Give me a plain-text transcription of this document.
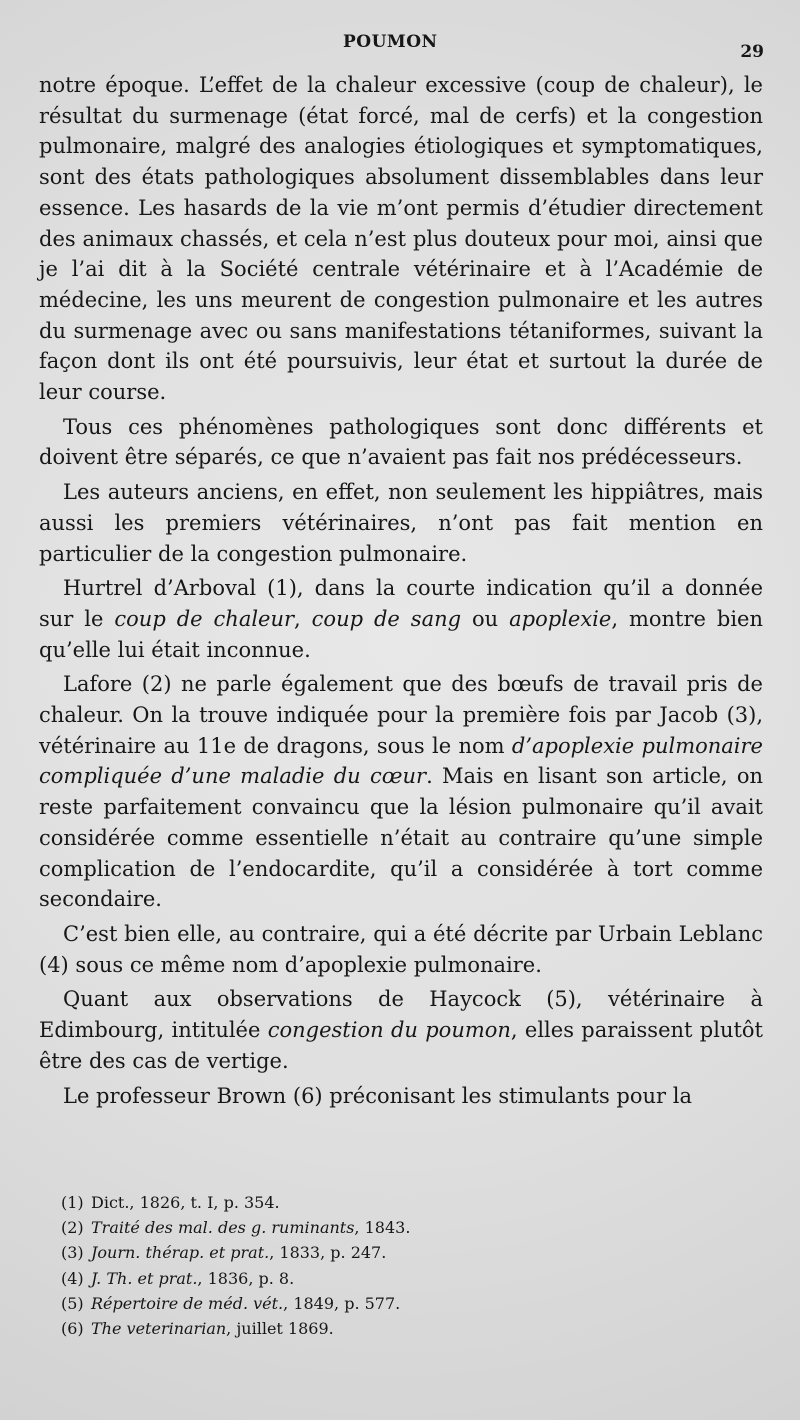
POUMON	29

notre époque. L’effet de la chaleur excessive (coup de chaleur), le résultat du surmenage (état forcé, mal de cerfs) et la congestion pulmonaire, malgré des analogies étiologiques et symptomatiques, sont des états pathologiques absolument dissemblables dans leur essence. Les hasards de la vie m’ont permis d’étudier directement des animaux chassés, et cela n’est plus douteux pour moi, ainsi que je l’ai dit à la Société centrale vétérinaire et à l’Académie de médecine, les uns meurent de congestion pulmonaire et les autres du surmenage avec ou sans manifestations tétaniformes, suivant la façon dont ils ont été poursuivis, leur état et surtout la durée de leur course.

Tous ces phénomènes pathologiques sont donc différents et doivent être séparés, ce que n’avaient pas fait nos prédécesseurs.

Les auteurs anciens, en effet, non seulement les hippiâtres, mais aussi les premiers vétérinaires, n’ont pas fait mention en particulier de la congestion pulmonaire.

Hurtrel d’Arboval (1), dans la courte indication qu’il a donnée sur le coup de chaleur, coup de sang ou apoplexie, montre bien qu’elle lui était inconnue.

Lafore (2) ne parle également que des bœufs de travail pris de chaleur. On la trouve indiquée pour la première fois par Jacob (3), vétérinaire au 11e de dragons, sous le nom d’apoplexie pulmonaire compliquée d’une maladie du cœur. Mais en lisant son article, on reste parfaitement convaincu que la lésion pulmonaire qu’il avait considérée comme essentielle n’était au contraire qu’une simple complication de l’endocardite, qu’il a considérée à tort comme secondaire.

C’est bien elle, au contraire, qui a été décrite par Urbain Leblanc (4) sous ce même nom d’apoplexie pulmonaire.

Quant aux observations de Haycock (5), vétérinaire à Edimbourg, intitulée congestion du poumon, elles paraissent plutôt être des cas de vertige.

Le professeur Brown (6) préconisant les stimulants pour la

(1) Dict., 1826, t. I, p. 354.
(2) Traité des mal. des g. ruminants, 1843.
(3) Journ. thérap. et prat., 1833, p. 247.
(4) J. Th. et prat., 1836, p. 8.
(5) Répertoire de méd. vét., 1849, p. 577.
(6) The veterinarian, juillet 1869.
